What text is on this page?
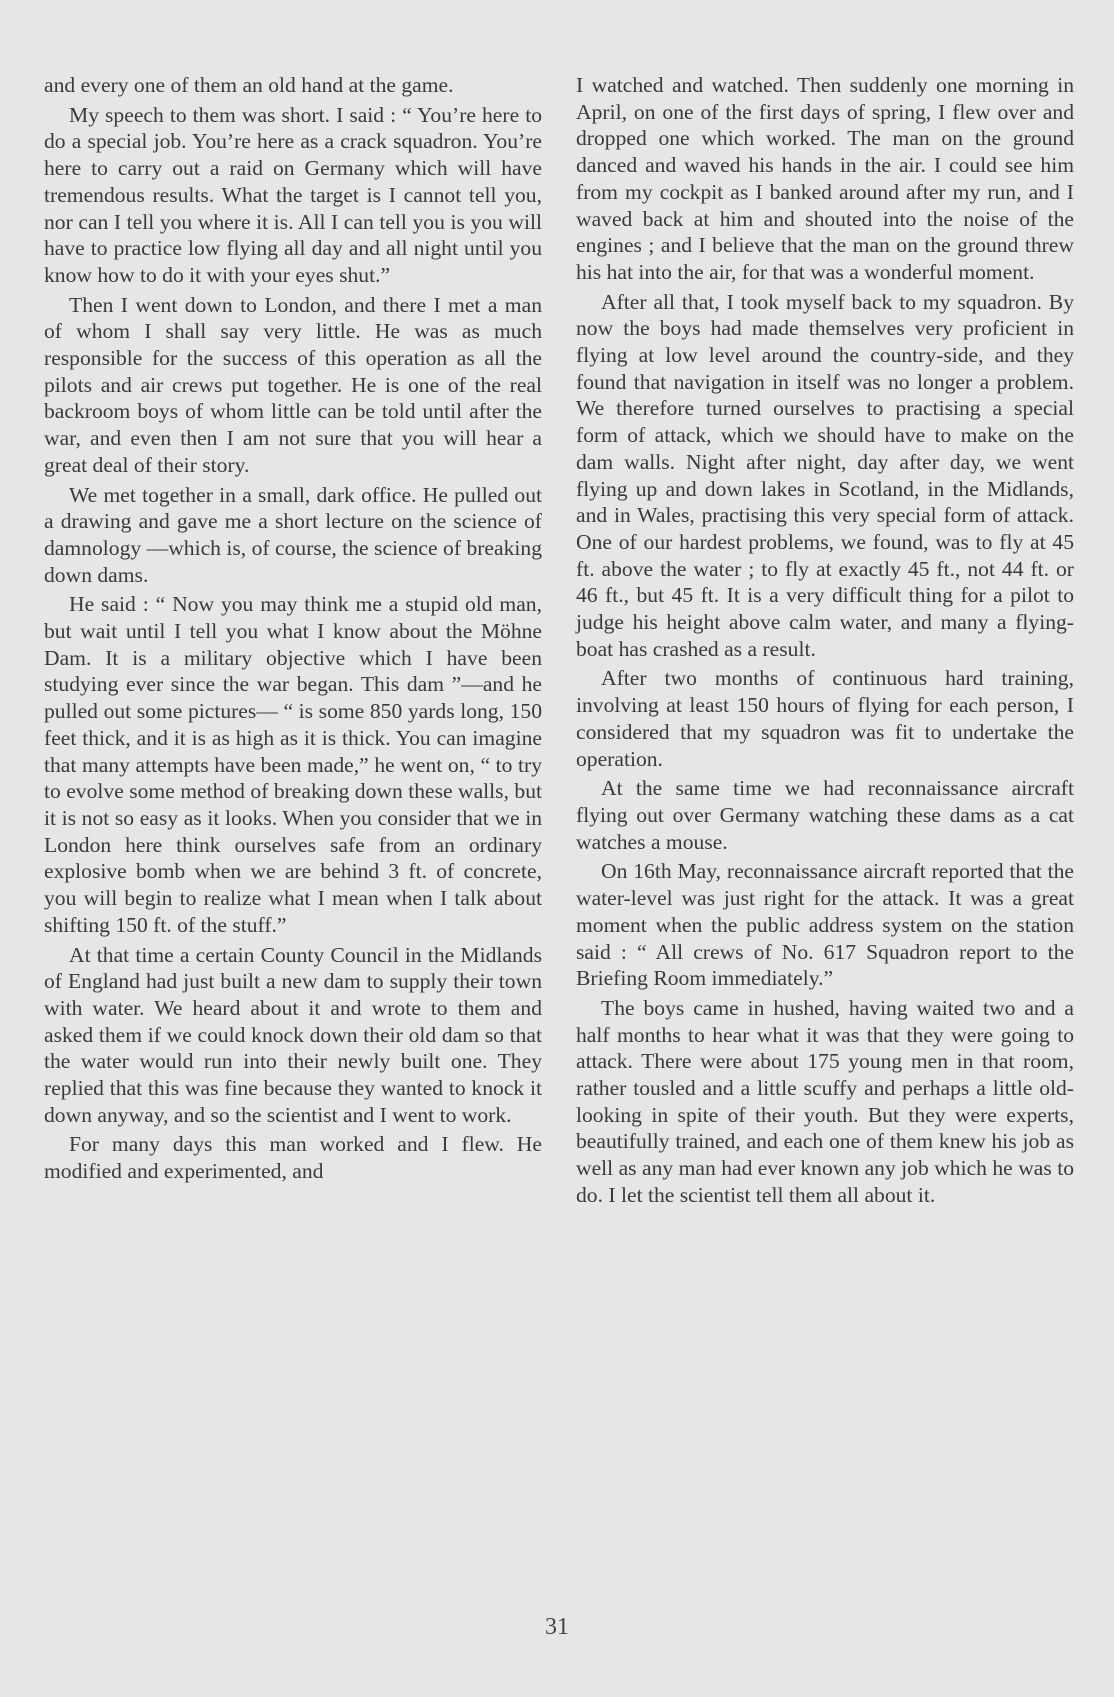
and every one of them an old hand at the game.

My speech to them was short. I said : “ You’re here to do a special job. You’re here as a crack squadron. You’re here to carry out a raid on Germany which will have tremendous results. What the target is I cannot tell you, nor can I tell you where it is. All I can tell you is you will have to practice low flying all day and all night until you know how to do it with your eyes shut.”

Then I went down to London, and there I met a man of whom I shall say very little. He was as much responsible for the success of this operation as all the pilots and air crews put together. He is one of the real backroom boys of whom little can be told until after the war, and even then I am not sure that you will hear a great deal of their story.

We met together in a small, dark office. He pulled out a drawing and gave me a short lecture on the science of damnology —which is, of course, the science of breaking down dams.

He said : “ Now you may think me a stupid old man, but wait until I tell you what I know about the Möhne Dam. It is a military objective which I have been studying ever since the war began. This dam ”—and he pulled out some pictures— “ is some 850 yards long, 150 feet thick, and it is as high as it is thick. You can imagine that many attempts have been made,” he went on, “ to try to evolve some method of breaking down these walls, but it is not so easy as it looks. When you consider that we in London here think ourselves safe from an ordinary explosive bomb when we are behind 3 ft. of concrete, you will begin to realize what I mean when I talk about shifting 150 ft. of the stuff.”

At that time a certain County Council in the Midlands of England had just built a new dam to supply their town with water. We heard about it and wrote to them and asked them if we could knock down their old dam so that the water would run into their newly built one. They replied that this was fine because they wanted to knock it down anyway, and so the scientist and I went to work.

For many days this man worked and I flew. He modified and experimented, and

I watched and watched. Then suddenly one morning in April, on one of the first days of spring, I flew over and dropped one which worked. The man on the ground danced and waved his hands in the air. I could see him from my cockpit as I banked around after my run, and I waved back at him and shouted into the noise of the engines ; and I believe that the man on the ground threw his hat into the air, for that was a wonderful moment.

After all that, I took myself back to my squadron. By now the boys had made themselves very proficient in flying at low level around the country-side, and they found that navigation in itself was no longer a problem. We therefore turned ourselves to practising a special form of attack, which we should have to make on the dam walls. Night after night, day after day, we went flying up and down lakes in Scotland, in the Midlands, and in Wales, practising this very special form of attack. One of our hardest problems, we found, was to fly at 45 ft. above the water ; to fly at exactly 45 ft., not 44 ft. or 46 ft., but 45 ft. It is a very difficult thing for a pilot to judge his height above calm water, and many a flying-boat has crashed as a result.

After two months of continuous hard training, involving at least 150 hours of flying for each person, I considered that my squadron was fit to undertake the operation.

At the same time we had reconnaissance aircraft flying out over Germany watching these dams as a cat watches a mouse.

On 16th May, reconnaissance aircraft reported that the water-level was just right for the attack. It was a great moment when the public address system on the station said : “ All crews of No. 617 Squadron report to the Briefing Room immediately.”

The boys came in hushed, having waited two and a half months to hear what it was that they were going to attack. There were about 175 young men in that room, rather tousled and a little scuffy and perhaps a little old-looking in spite of their youth. But they were experts, beautifully trained, and each one of them knew his job as well as any man had ever known any job which he was to do. I let the scientist tell them all about it.

31
